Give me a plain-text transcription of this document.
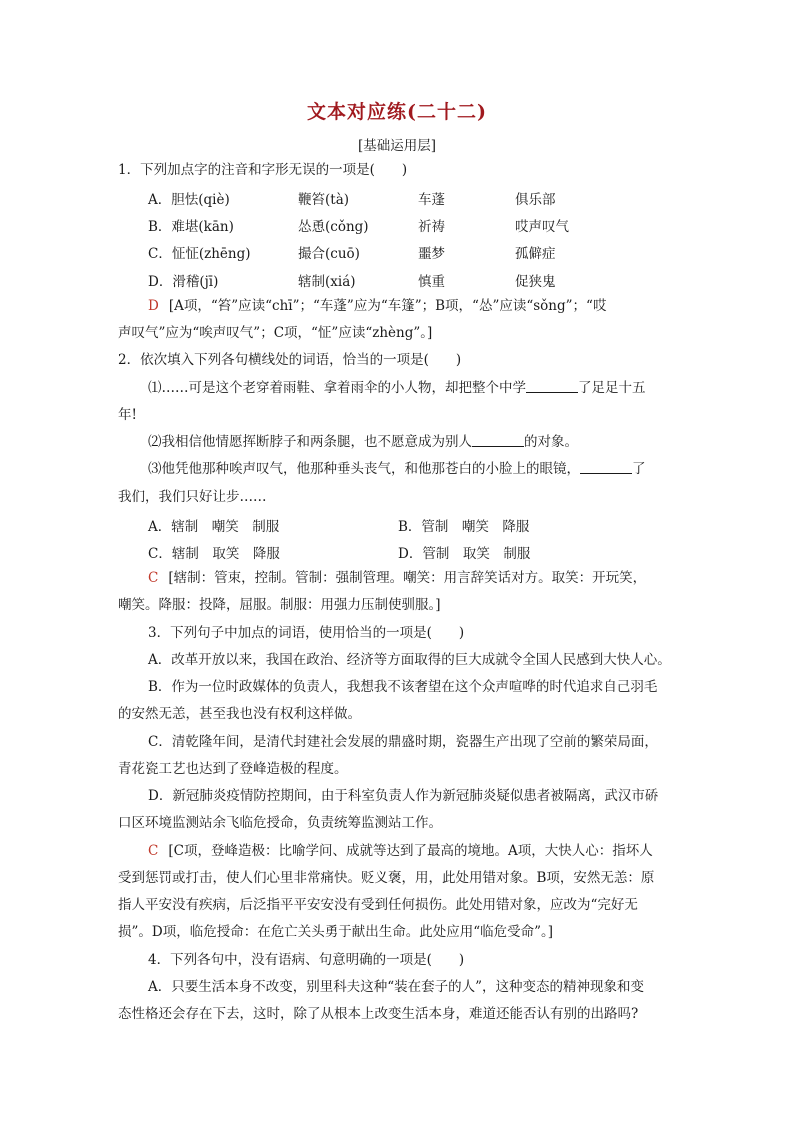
文本对应练(二十二)
[基础运用层]
1．下列加点字的注音和字形无误的一项是(　　)
A．胆怯(qiè)	鞭笞(tà)	车蓬	俱乐部
B．难堪(kān)	怂恿(cǒng)	祈祷	哎声叹气
C．怔怔(zhēng)	撮合(cuō)	噩梦	孤僻症
D．滑稽(jī)	辖制(xiá)	慎重	促狭鬼
D [A项，“笞”应读“chī”；“车蓬”应为“车篷”；B项，“怂”应读“sǒng”；“哎
声叹气”应为“唉声叹气”；C项，“怔”应读“zhèng”。]
2．依次填入下列各句横线处的词语，恰当的一项是(　　)
⑴……可是这个老穿着雨鞋、拿着雨伞的小人物，却把整个中学	了足足十五
年!
⑵我相信他情愿挥断脖子和两条腿，也不愿意成为别人	的对象。
⑶他凭他那种唉声叹气，他那种垂头丧气，和他那苍白的小脸上的眼镜，	了
我们，我们只好让步……
A．辖制　嘲笑　制服	B．管制　嘲笑　降服
C．辖制　取笑　降服	D．管制　取笑　制服
C [辖制：管束，控制。管制：强制管理。嘲笑：用言辞笑话对方。取笑：开玩笑，
嘲笑。降服：投降，屈服。制服：用强力压制使驯服。]
3．下列句子中加点的词语，使用恰当的一项是(　　)
A．改革开放以来，我国在政治、经济等方面取得的巨大成就令全国人民感到大快人心。
B．作为一位时政媒体的负责人，我想我不该奢望在这个众声喧哗的时代追求自己羽毛
的安然无恙，甚至我也没有权利这样做。
C．清乾隆年间，是清代封建社会发展的鼎盛时期，瓷器生产出现了空前的繁荣局面，
青花瓷工艺也达到了登峰造极的程度。
D．新冠肺炎疫情防控期间，由于科室负责人作为新冠肺炎疑似患者被隔离，武汉市硚
口区环境监测站余飞临危授命，负责统筹监测站工作。
C [C项，登峰造极：比喻学问、成就等达到了最高的境地。A项，大快人心：指坏人
受到惩罚或打击，使人们心里非常痛快。贬义褒，用，此处用错对象。B项，安然无恙：原
指人平安没有疾病，后泛指平平安安没有受到任何损伤。此处用错对象，应改为“完好无
损”。D项，临危授命：在危亡关头勇于献出生命。此处应用“临危受命”。]
4．下列各句中，没有语病、句意明确的一项是(　　)
A．只要生活本身不改变，别里科夫这种“装在套子的人”，这种变态的精神现象和变
态性格还会存在下去，这时，除了从根本上改变生活本身，难道还能否认有别的出路吗?
